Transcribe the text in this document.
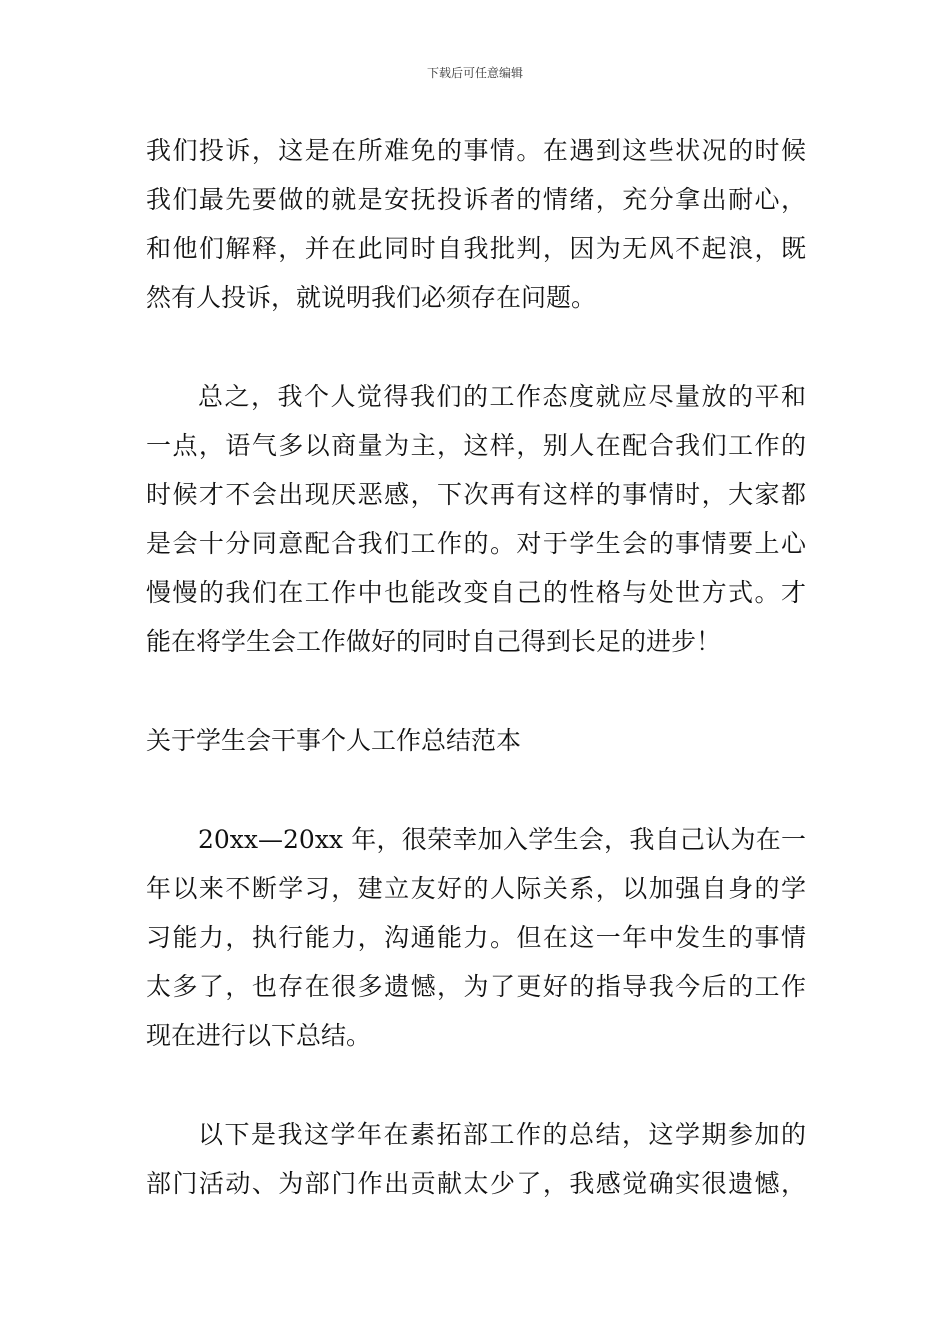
下载后可任意编辑
我们投诉，这是在所难免的事情。在遇到这些状况的时候
我们最先要做的就是安抚投诉者的情绪，充分拿出耐心，
和他们解释，并在此同时自我批判，因为无风不起浪，既
然有人投诉，就说明我们必须存在问题。
总之，我个人觉得我们的工作态度就应尽量放的平和
一点，语气多以商量为主，这样，别人在配合我们工作的
时候才不会出现厌恶感，下次再有这样的事情时，大家都
是会十分同意配合我们工作的。对于学生会的事情要上心
慢慢的我们在工作中也能改变自己的性格与处世方式。才
能在将学生会工作做好的同时自己得到长足的进步！
关于学生会干事个人工作总结范本
20xx—20xx 年，很荣幸加入学生会，我自己认为在一
年以来不断学习，建立友好的人际关系，以加强自身的学
习能力，执行能力，沟通能力。但在这一年中发生的事情
太多了，也存在很多遗憾，为了更好的指导我今后的工作
现在进行以下总结。
以下是我这学年在素拓部工作的总结，这学期参加的
部门活动、为部门作出贡献太少了，我感觉确实很遗憾，
